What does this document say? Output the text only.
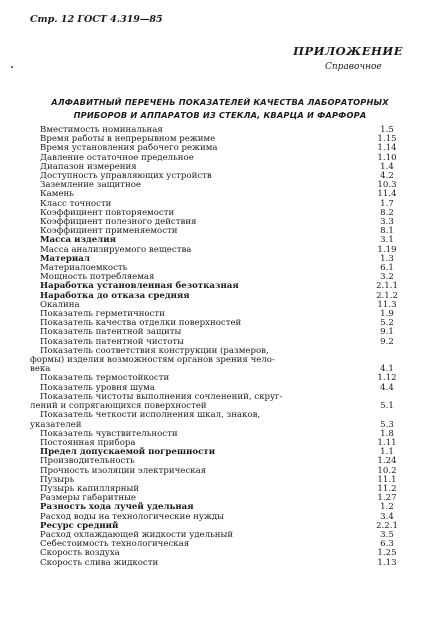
Стр. 12 ГОСТ 4.319—85
ПРИЛОЖЕНИЕ
Справочное
АЛФАВИТНЫЙ ПЕРЕЧЕНЬ ПОКАЗАТЕЛЕЙ КАЧЕСТВА ЛАБОРАТОРНЫХ
ПРИБОРОВ И АППАРАТОВ ИЗ СТЕКЛА, КВАРЦА И ФАРФОРА
Вместимость номинальная	1.5
Время работы в непрерывном режиме	1.15
Время установления рабочего режима	1.14
Давление остаточное предельное	1.10
Диапазон измерения	1.4
Доступность управляющих устройств	4.2
Заземление защитное	10.3
Камень	11.4
Класс точности	1.7
Коэффициент повторяемости	8.2
Коэффициент полезного действия	3.3
Коэффициент применяемости	8.1
Масса изделия	3.1
Масса анализируемого вещества	1.19
Материал	1.3
Материалоемкость	6.1
Мощность потребляемая	3.2
Наработка установленная безотказная	2.1.1
Наработка до отказа средняя	2.1.2
Окалина	11.3
Показатель герметичности	1.9
Показатель качества отделки поверхностей	5.2
Показатель патентной защиты	9.1
Показатель патентной чистоты	9.2
Показатель соответствия конструкции (размеров,
формы) изделия возможностям органов зрения чело-
века	4.1
Показатель термостойкости	1.12
Показатель уровня шума	4.4
Показатель чистоты выполнения сочленений, скруг-
лений и сопрягающихся поверхностей	5.1
Показатель четкости исполнения шкал, знаков,
указателей	5.3
Показатель чувствительности	1.8
Постоянная прибора	1.11
Предел допускаемой погрешности	1.1
Производительность	1.24
Прочность изоляции электрическая	10.2
Пузырь	11.1
Пузырь капиллярный	11.2
Размеры габаритные	1.27
Разность хода лучей удельная	1.2
Расход воды на технологические нужды	3.4
Ресурс средний	2.2.1
Расход охлаждающей жидкости удельный	3.5
Себестоимость технологическая	6.3
Скорость воздуха	1.25
Скорость слива жидкости	1.13
